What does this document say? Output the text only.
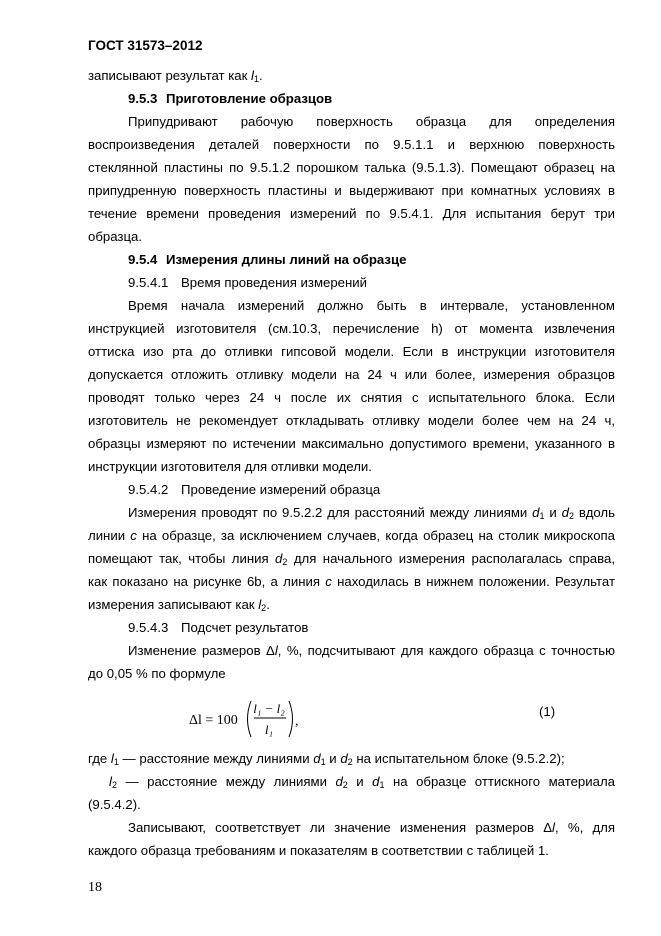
ГОСТ 31573–2012
записывают результат как $l_1$.
9.5.3 Приготовление образцов
Припудривают рабочую поверхность образца для определения
воспроизведения деталей поверхности по 9.5.1.1 и верхнюю поверхность
стеклянной пластины по 9.5.1.2 порошком талька (9.5.1.3). Помещают образец на
припудренную поверхность пластины и выдерживают при комнатных условиях в
течение времени проведения измерений по 9.5.4.1. Для испытания берут три
образца.
9.5.4 Измерения длины линий на образце
9.5.4.1 Время проведения измерений
Время начала измерений должно быть в интервале, установленном
инструкцией изготовителя (см.10.3, перечисление h) от момента извлечения
оттиска изо рта до отливки гипсовой модели. Если в инструкции изготовителя
допускается отложить отливку модели на 24 ч или более, измерения образцов
проводят только через 24 ч после их снятия с испытательного блока. Если
изготовитель не рекомендует откладывать отливку модели более чем на 24 ч,
образцы измеряют по истечении максимально допустимого времени, указанного в
инструкции изготовителя для отливки модели.
9.5.4.2 Проведение измерений образца
Измерения проводят по 9.5.2.2 для расстояний между линиями $d_1$ и $d_2$ вдоль
линии c на образце, за исключением случаев, когда образец на столик микроскопа
помещают так, чтобы линия $d_2$ для начального измерения располагалась справа,
как показано на рисунке 6b, а линия c находилась в нижнем положении. Результат
измерения записывают как $l_2$.
9.5.4.3 Подсчет результатов
Изменение размеров Δl, %, подсчитывают для каждого образца с точностью
до 0,05 % по формуле
Δl = 100
l₁ − l₂
l₁
,
(1)
где $l_1$ — расстояние между линиями $d_1$ и $d_2$ на испытательном блоке (9.5.2.2);
$l_2$ — расстояние между линиями $d_2$ и $d_1$ на образце оттискного материала
(9.5.4.2).
Записывают, соответствует ли значение изменения размеров Δl, %, для
каждого образца требованиям и показателям в соответствии с таблицей 1.
18
